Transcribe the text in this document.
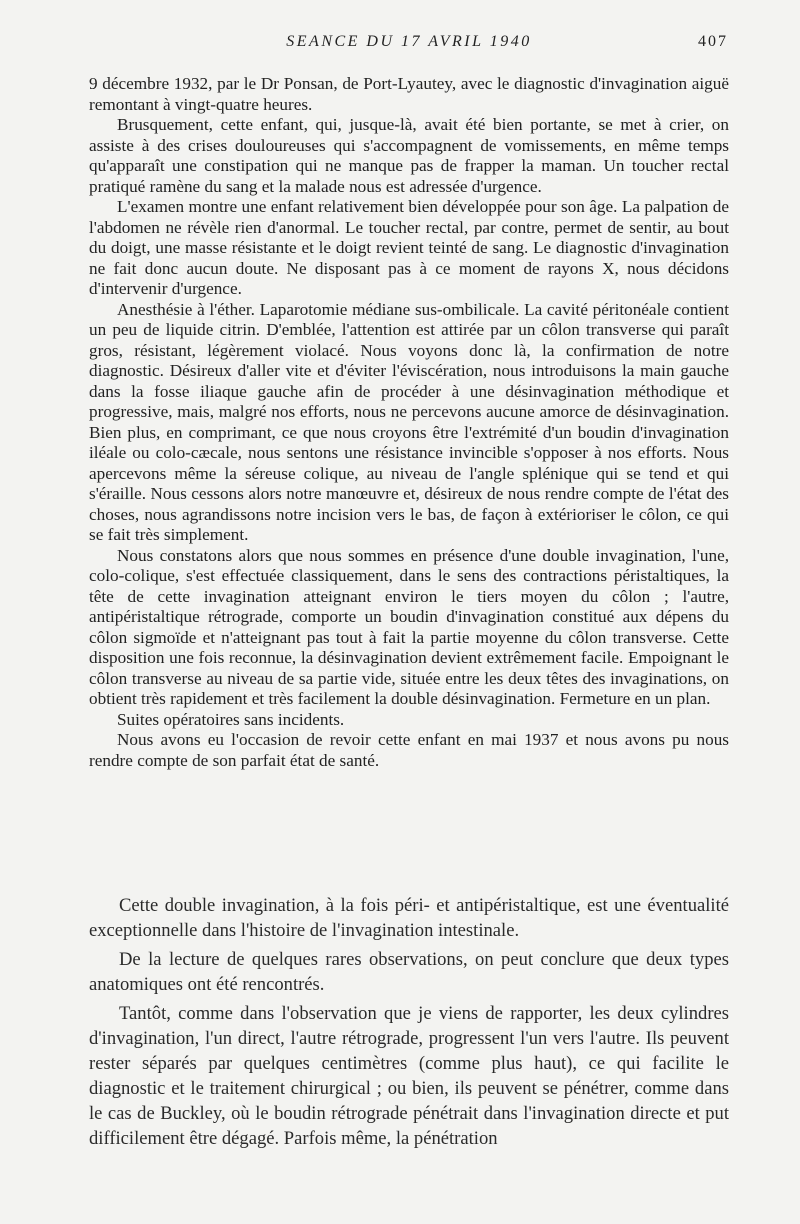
SEANCE DU 17 AVRIL 1940	407

9 décembre 1932, par le Dr Ponsan, de Port-Lyautey, avec le diagnostic d'invagination aiguë remontant à vingt-quatre heures.

Brusquement, cette enfant, qui, jusque-là, avait été bien portante, se met à crier, on assiste à des crises douloureuses qui s'accompagnent de vomissements, en même temps qu'apparaît une constipation qui ne manque pas de frapper la maman. Un toucher rectal pratiqué ramène du sang et la malade nous est adressée d'urgence.

L'examen montre une enfant relativement bien développée pour son âge. La palpation de l'abdomen ne révèle rien d'anormal. Le toucher rectal, par contre, permet de sentir, au bout du doigt, une masse résistante et le doigt revient teinté de sang. Le diagnostic d'invagination ne fait donc aucun doute. Ne disposant pas à ce moment de rayons X, nous décidons d'intervenir d'urgence.

Anesthésie à l'éther. Laparotomie médiane sus-ombilicale. La cavité péritonéale contient un peu de liquide citrin. D'emblée, l'attention est attirée par un côlon transverse qui paraît gros, résistant, légèrement violacé. Nous voyons donc là, la confirmation de notre diagnostic. Désireux d'aller vite et d'éviter l'éviscération, nous introduisons la main gauche dans la fosse iliaque gauche afin de procéder à une désinvagination méthodique et progressive, mais, malgré nos efforts, nous ne percevons aucune amorce de désinvagination. Bien plus, en comprimant, ce que nous croyons être l'extrémité d'un boudin d'invagination iléale ou colo-cæcale, nous sentons une résistance invincible s'opposer à nos efforts. Nous apercevons même la séreuse colique, au niveau de l'angle splénique qui se tend et qui s'éraille. Nous cessons alors notre manœuvre et, désireux de nous rendre compte de l'état des choses, nous agrandissons notre incision vers le bas, de façon à extérioriser le côlon, ce qui se fait très simplement.

Nous constatons alors que nous sommes en présence d'une double invagination, l'une, colo-colique, s'est effectuée classiquement, dans le sens des contractions péristaltiques, la tête de cette invagination atteignant environ le tiers moyen du côlon ; l'autre, antipéristaltique rétrograde, comporte un boudin d'invagination constitué aux dépens du côlon sigmoïde et n'atteignant pas tout à fait la partie moyenne du côlon transverse. Cette disposition une fois reconnue, la désinvagination devient extrêmement facile. Empoignant le côlon transverse au niveau de sa partie vide, située entre les deux têtes des invaginations, on obtient très rapidement et très facilement la double désinvagination. Fermeture en un plan.

Suites opératoires sans incidents.

Nous avons eu l'occasion de revoir cette enfant en mai 1937 et nous avons pu nous rendre compte de son parfait état de santé.

Cette double invagination, à la fois péri- et antipéristaltique, est une éventualité exceptionnelle dans l'histoire de l'invagination intestinale.

De la lecture de quelques rares observations, on peut conclure que deux types anatomiques ont été rencontrés.

Tantôt, comme dans l'observation que je viens de rapporter, les deux cylindres d'invagination, l'un direct, l'autre rétrograde, progressent l'un vers l'autre. Ils peuvent rester séparés par quelques centimètres (comme plus haut), ce qui facilite le diagnostic et le traitement chirurgical ; ou bien, ils peuvent se pénétrer, comme dans le cas de Buckley, où le boudin rétrograde pénétrait dans l'invagination directe et put difficilement être dégagé. Parfois même, la pénétration
